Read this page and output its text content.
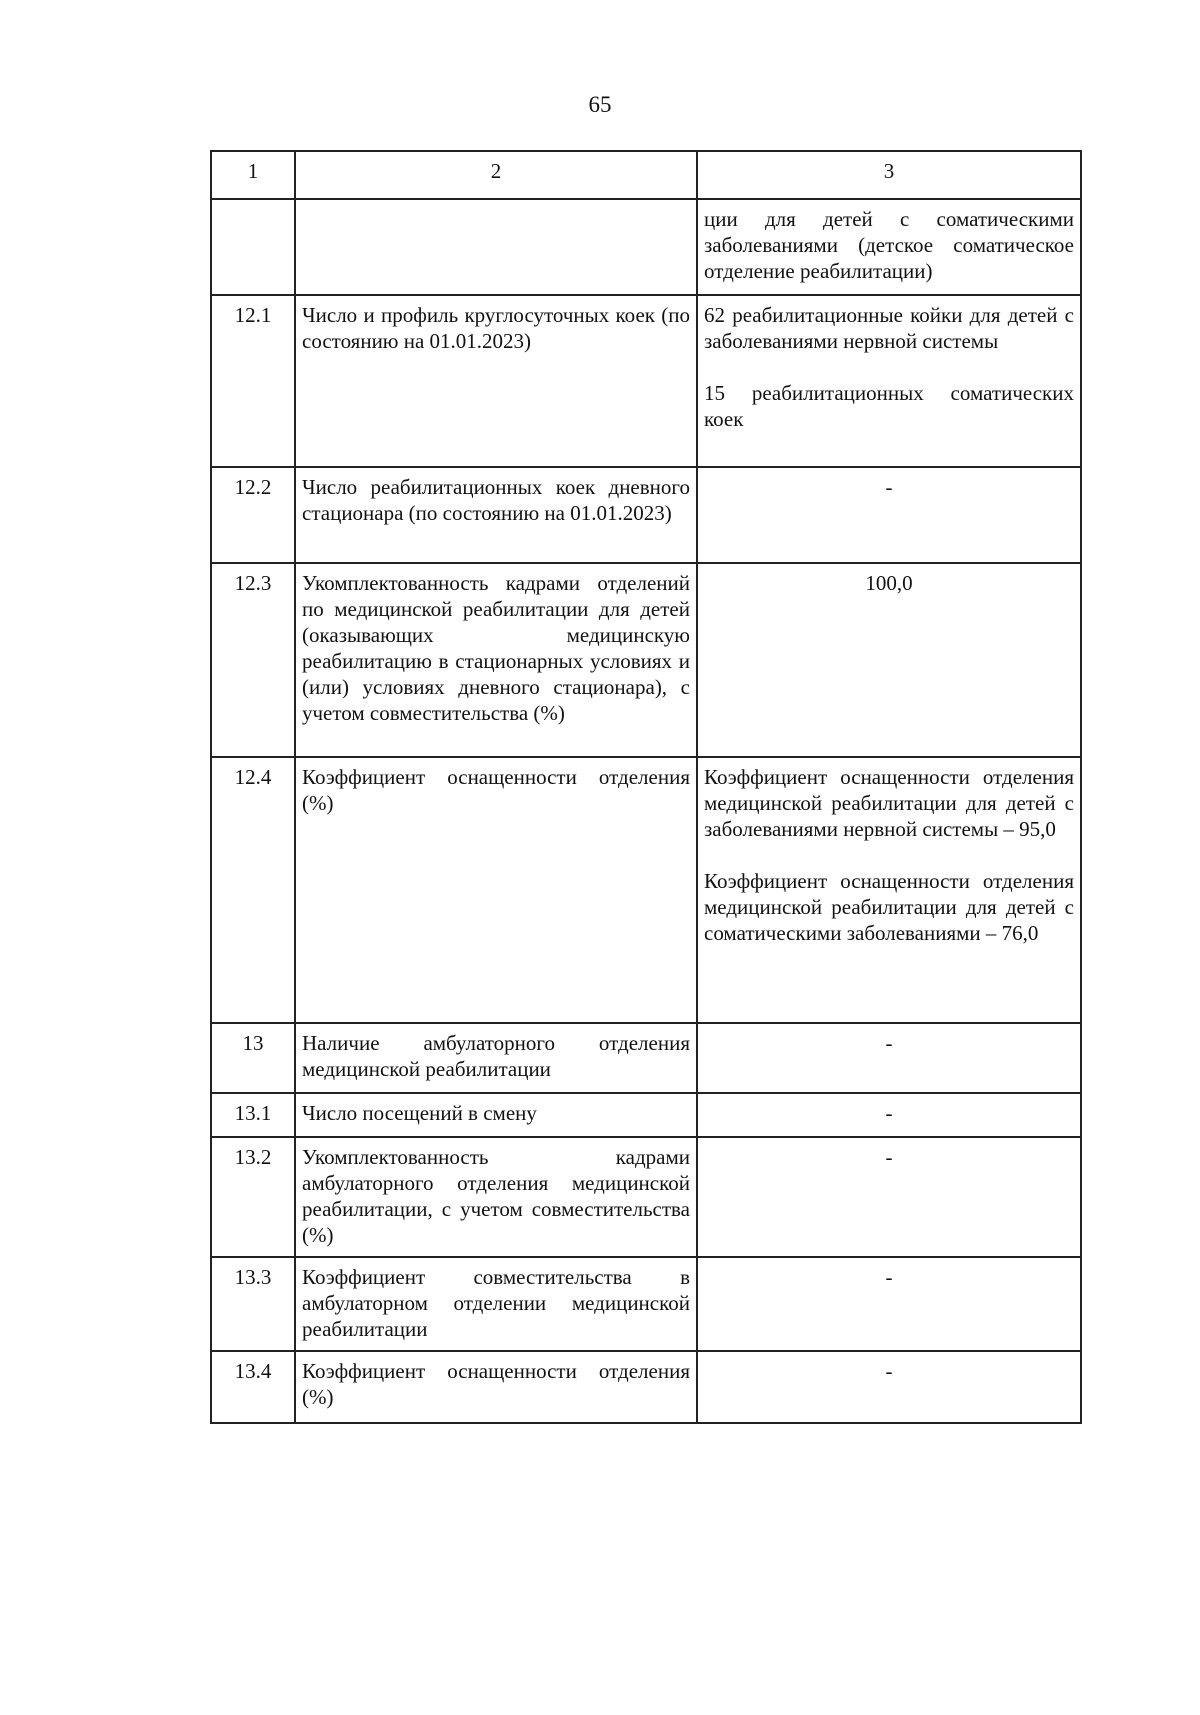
65
1	2	3

		ции для детей с соматическими заболеваниями (детское соматическое отделение реабилитации)

12.1	Число и профиль круглосуточных коек (по состоянию на 01.01.2023)	62 реабилитационные койки для детей с заболеваниями нервной системы
15 реабилитационных соматических коек

12.2	Число реабилитационных коек дневного стационара (по состоянию на 01.01.2023)	-

12.3	Укомплектованность кадрами отделений по медицинской реабилитации для детей (оказывающих медицинскую реабилитацию в стационарных условиях и (или) условиях дневного стационара), с учетом совместительства (%)	100,0

12.4	Коэффициент оснащенности отделения (%)	Коэффициент оснащенности отделения медицинской реабилитации для детей с заболеваниями нервной системы – 95,0
Коэффициент оснащенности отделения медицинской реабилитации для детей с соматическими заболеваниями – 76,0

13	Наличие амбулаторного отделения медицинской реабилитации	-

13.1	Число посещений в смену	-

13.2	Укомплектованность кадрами амбулаторного отделения медицинской реабилитации, с учетом совместительства (%)	-

13.3	Коэффициент совместительства в амбулаторном отделении медицинской реабилитации	-

13.4	Коэффициент оснащенности отделения (%)	-
